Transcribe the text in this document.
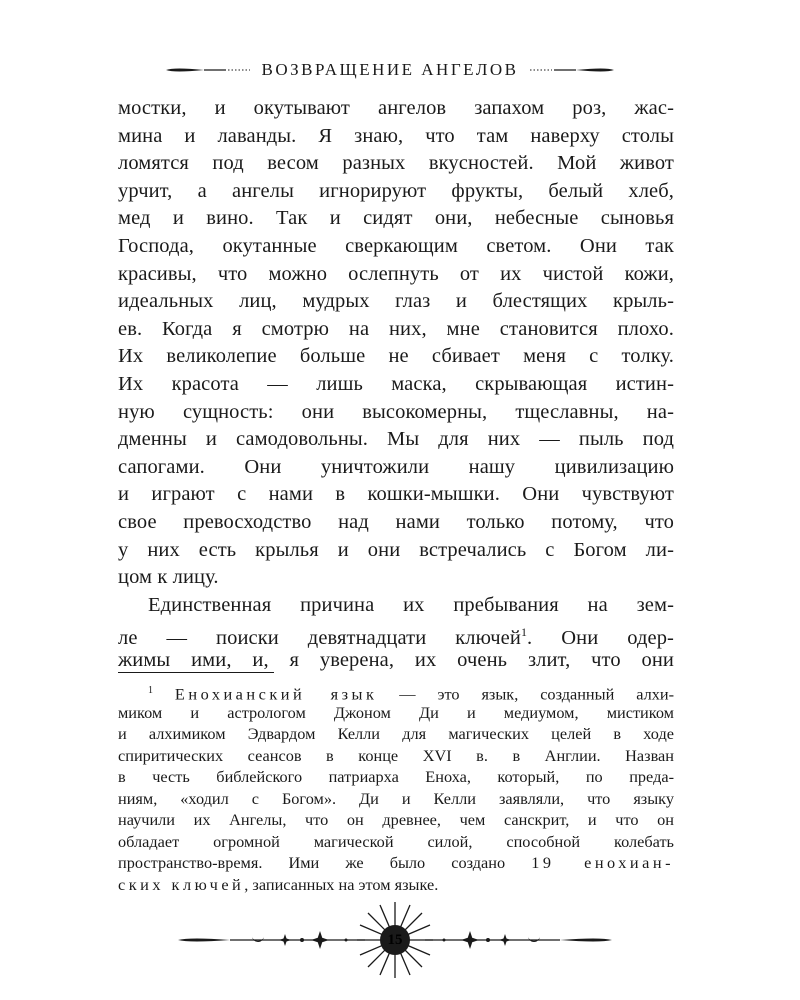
ВОЗВРАЩЕНИЕ АНГЕЛОВ
мостки, и окутывают ангелов запахом роз, жас-
мина и лаванды. Я знаю, что там наверху столы
ломятся под весом разных вкусностей. Мой живот
урчит, а ангелы игнорируют фрукты, белый хлеб,
мед и вино. Так и сидят они, небесные сыновья
Господа, окутанные сверкающим светом. Они так
красивы, что можно ослепнуть от их чистой кожи,
идеальных лиц, мудрых глаз и блестящих крыль-
ев. Когда я смотрю на них, мне становится плохо.
Их великолепие больше не сбивает меня с толку.
Их красота — лишь маска, скрывающая истин-
ную сущность: они высокомерны, тщеславны, на-
дменны и самодовольны. Мы для них — пыль под
сапогами. Они уничтожили нашу цивилизацию
и играют с нами в кошки-мышки. Они чувствуют
свое превосходство над нами только потому, что
у них есть крылья и они встречались с Богом ли-
цом к лицу.
Единственная причина их пребывания на зем-
ле — поиски девятнадцати ключей$^1$. Они одер-
жимы ими, и, я уверена, их очень злит, что они
$^1$ Енохианский язык — это язык, созданный алхи-
миком и астрологом Джоном Ди и медиумом, мистиком
и алхимиком Эдвардом Келли для магических целей в ходе
спиритических сеансов в конце XVI в. в Англии. Назван
в честь библейского патриарха Еноха, который, по преда-
ниям, «ходил с Богом». Ди и Келли заявляли, что языку
научили их Ангелы, что он древнее, чем санскрит, и что он
обладает огромной магической силой, способной колебать
пространство-время. Ими же было создано 19 енохиан-
ских ключей, записанных на этом языке.
15
